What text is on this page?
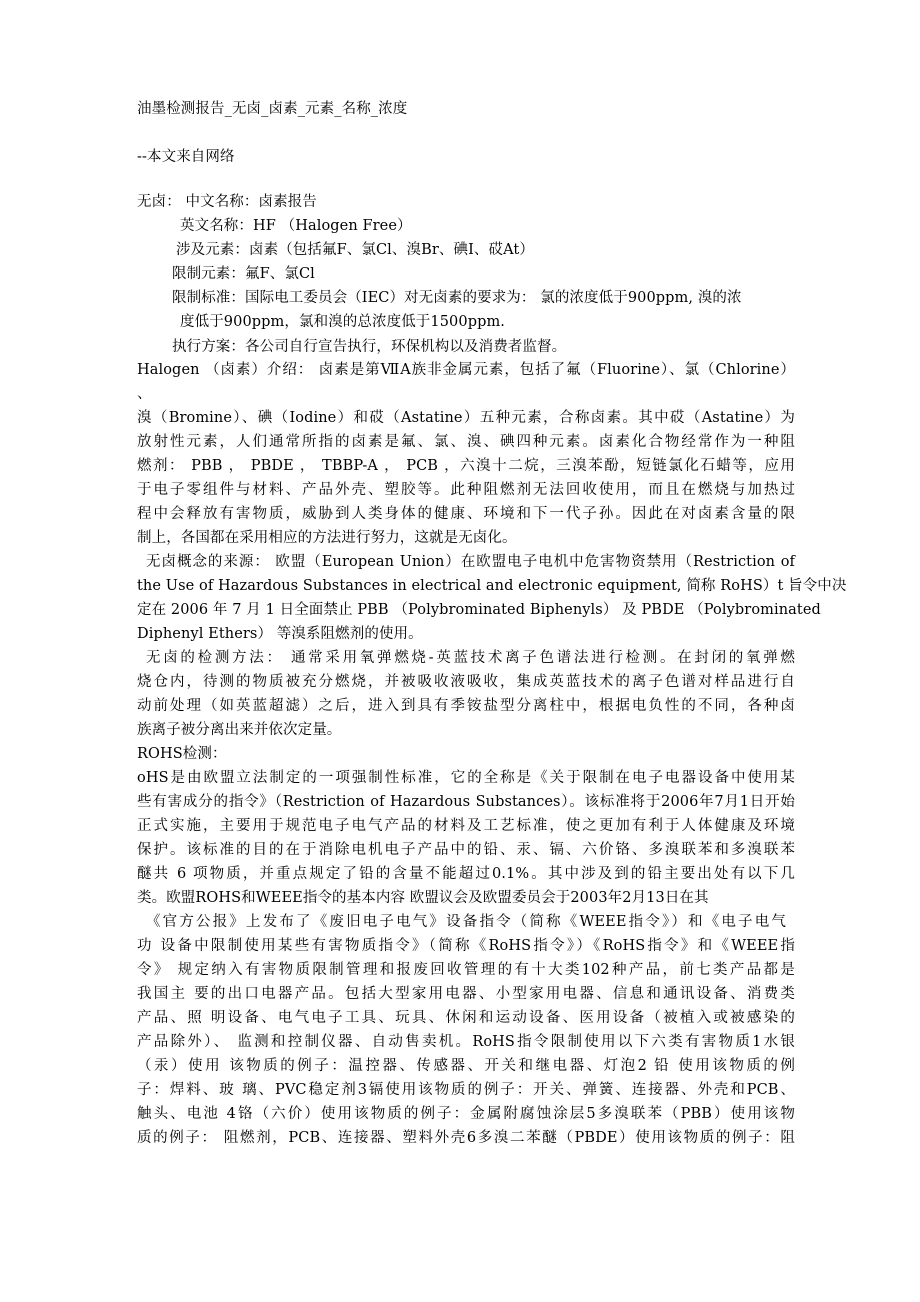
油墨检测报告_无卤_卤素_元素_名称_浓度
--本文来自网络
无卤： 中文名称：卤素报告
英文名称：HF （Halogen Free）
涉及元素：卤素（包括氟F、氯Cl、溴Br、碘I、砹At）
限制元素：氟F、氯Cl
限制标准：国际电工委员会（IEC）对无卤素的要求为： 氯的浓度低于900ppm, 溴的浓
度低于900ppm，氯和溴的总浓度低于1500ppm.
执行方案：各公司自行宣告执行，环保机构以及消费者监督。
Halogen （卤素）介绍： 卤素是第ⅦA族非金属元素，包括了氟（Fluorine）、氯（Chlorine）
、
溴（Bromine）、碘（Iodine）和砹（Astatine）五种元素，合称卤素。其中砹（Astatine）为
放射性元素，人们通常所指的卤素是氟、氯、溴、碘四种元素。卤素化合物经常作为一种阻
燃剂： PBB ， PBDE ， TBBP-A ， PCB ，六溴十二烷，三溴苯酚，短链氯化石蜡等，应用
于电子零组件与材料、产品外壳、塑胶等。此种阻燃剂无法回收使用，而且在燃烧与加热过
程中会释放有害物质，威胁到人类身体的健康、环境和下一代子孙。因此在对卤素含量的限
制上，各国都在采用相应的方法进行努力，这就是无卤化。
无卤概念的来源： 欧盟（European Union）在欧盟电子电机中危害物资禁用（Restriction of
the Use of Hazardous Substances in electrical and electronic equipment, 简称 RoHS）t 旨令中决
定在 2006 年 7 月 1 日全面禁止 PBB （Polybrominated Biphenyls） 及 PBDE （Polybrominated
Diphenyl Ethers） 等溴系阻燃剂的使用。
无卤的检测方法： 通常采用氧弹燃烧-英蓝技术离子色谱法进行检测。在封闭的氧弹燃
烧仓内，待测的物质被充分燃烧，并被吸收液吸收，集成英蓝技术的离子色谱对样品进行自
动前处理（如英蓝超滤）之后，进入到具有季铵盐型分离柱中，根据电负性的不同，各种卤
族离子被分离出来并依次定量。
ROHS检测：
oHS是由欧盟立法制定的一项强制性标准，它的全称是《关于限制在电子电器设备中使用某
些有害成分的指令》（Restriction of Hazardous Substances）。该标准将于2006年7月1日开始
正式实施，主要用于规范电子电气产品的材料及工艺标准，使之更加有利于人体健康及环境
保护。该标准的目的在于消除电机电子产品中的铅、汞、镉、六价铬、多溴联苯和多溴联苯
醚共 6 项物质，并重点规定了铅的含量不能超过0.1%。其中涉及到的铅主要出处有以下几
类。欧盟ROHS和WEEE指令的基本内容 欧盟议会及欧盟委员会于2003年2月13日在其
《官方公报》上发布了《废旧电子电气》设备指令（简称《WEEE指令》）和《电子电气
功 设备中限制使用某些有害物质指令》（简称《RoHS指令》）《RoHS指令》和《WEEE指
令》 规定纳入有害物质限制管理和报废回收管理的有十大类102种产品，前七类产品都是
我国主 要的出口电器产品。包括大型家用电器、小型家用电器、信息和通讯设备、消费类
产品、照 明设备、电气电子工具、玩具、休闲和运动设备、医用设备（被植入或被感染的
产品除外）、 监测和控制仪器、自动售卖机。RoHS指令限制使用以下六类有害物质1水银
（汞）使用 该物质的例子：温控器、传感器、开关和继电器、灯泡2 铅 使用该物质的例
子：焊料、玻 璃、PVC稳定剂3镉使用该物质的例子：开关、弹簧、连接器、外壳和PCB、
触头、电池 4铬（六价）使用该物质的例子：金属附腐蚀涂层5多溴联苯（PBB）使用该物
质的例子： 阻燃剂，PCB、连接器、塑料外壳6多溴二苯醚（PBDE）使用该物质的例子：阻
